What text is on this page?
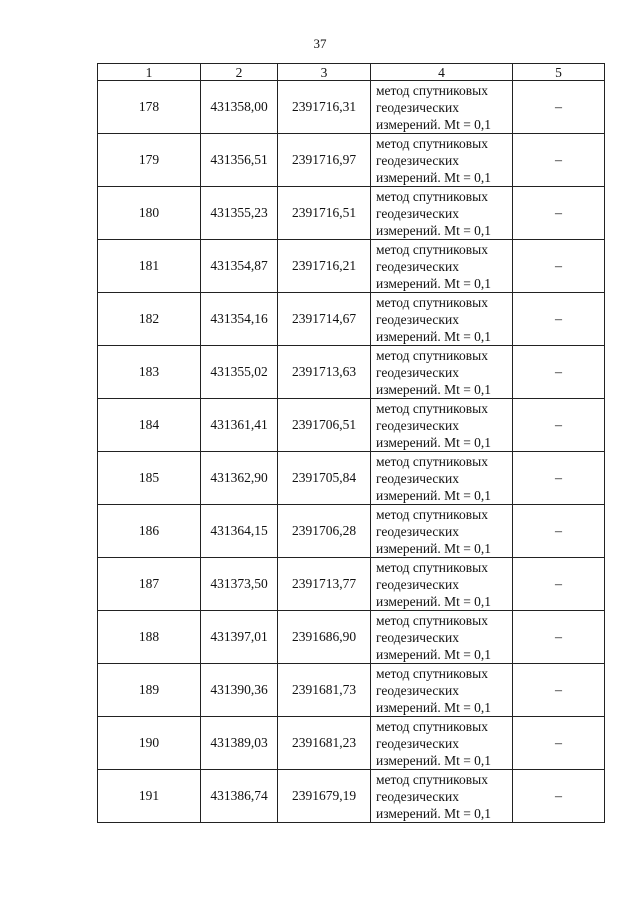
37
1	2	3	4	5
178	431358,00	2391716,31	метод спутниковых
геодезических
измерений. Mt = 0,1	–
179	431356,51	2391716,97	метод спутниковых
геодезических
измерений. Mt = 0,1	–
180	431355,23	2391716,51	метод спутниковых
геодезических
измерений. Mt = 0,1	–
181	431354,87	2391716,21	метод спутниковых
геодезических
измерений. Mt = 0,1	–
182	431354,16	2391714,67	метод спутниковых
геодезических
измерений. Mt = 0,1	–
183	431355,02	2391713,63	метод спутниковых
геодезических
измерений. Mt = 0,1	–
184	431361,41	2391706,51	метод спутниковых
геодезических
измерений. Mt = 0,1	–
185	431362,90	2391705,84	метод спутниковых
геодезических
измерений. Mt = 0,1	–
186	431364,15	2391706,28	метод спутниковых
геодезических
измерений. Mt = 0,1	–
187	431373,50	2391713,77	метод спутниковых
геодезических
измерений. Mt = 0,1	–
188	431397,01	2391686,90	метод спутниковых
геодезических
измерений. Mt = 0,1	–
189	431390,36	2391681,73	метод спутниковых
геодезических
измерений. Mt = 0,1	–
190	431389,03	2391681,23	метод спутниковых
геодезических
измерений. Mt = 0,1	–
191	431386,74	2391679,19	метод спутниковых
геодезических
измерений. Mt = 0,1	–
